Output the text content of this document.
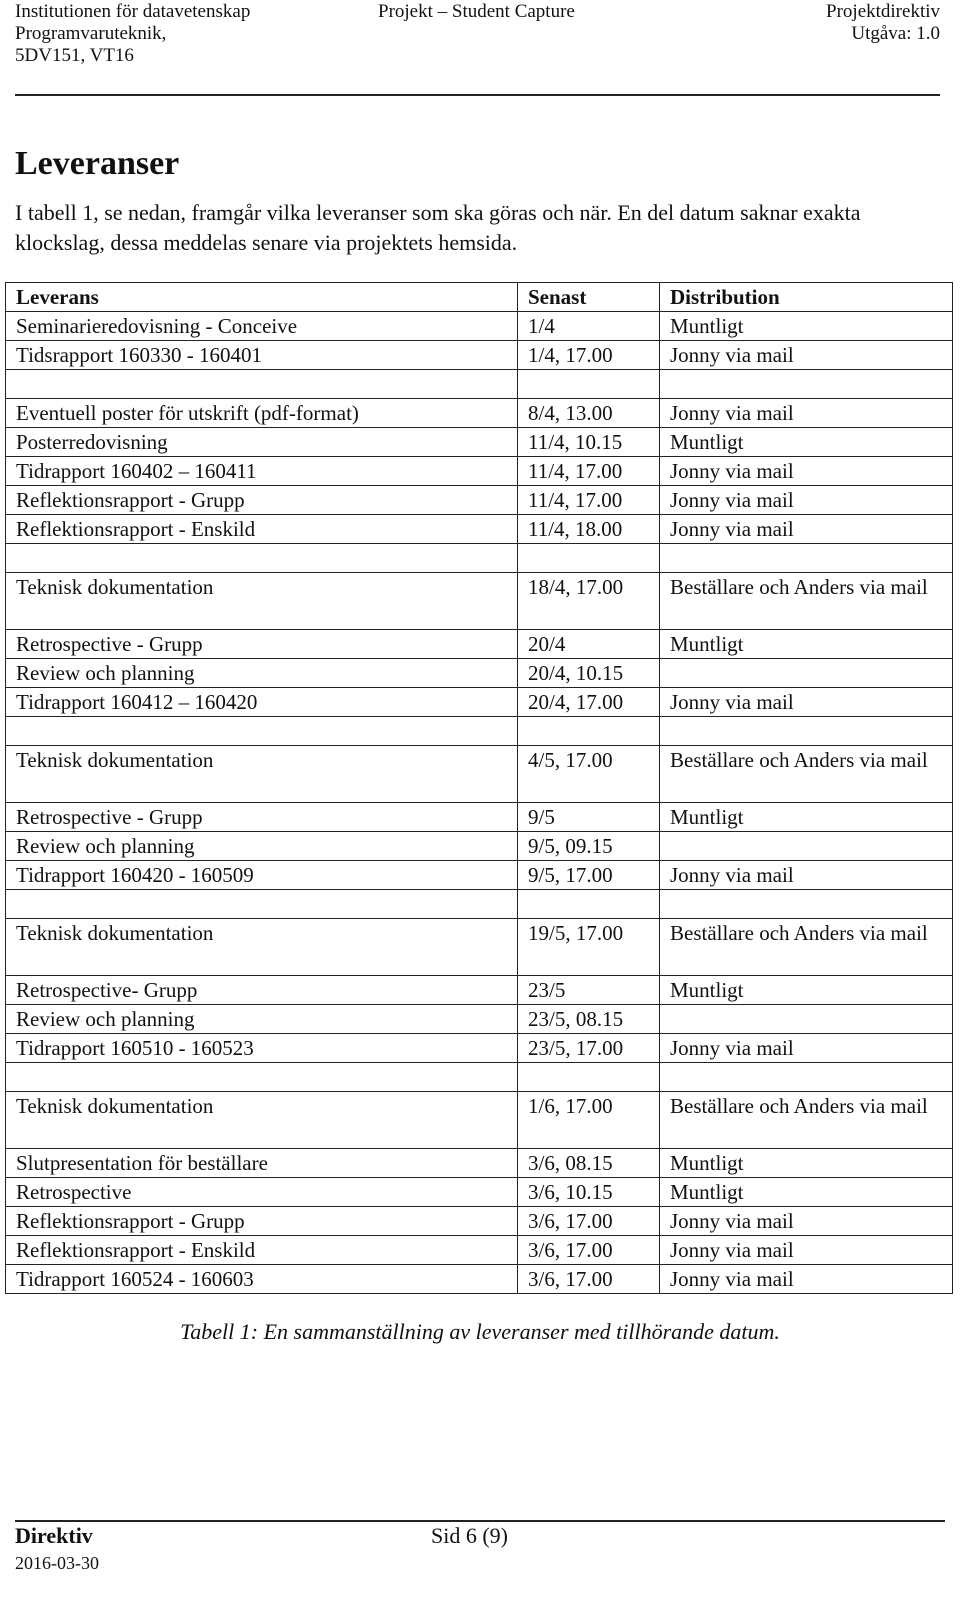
Institutionen för datavetenskap	Projekt – Student Capture	Projektdirektiv
Programvaruteknik,	Utgåva: 1.0
5DV151, VT16
Leveranser

I tabell 1, se nedan, framgår vilka leveranser som ska göras och när. En del datum saknar exakta klockslag, dessa meddelas senare via projektets hemsida.

Leverans	Senast	Distribution
Seminarieredovisning - Conceive	1/4	Muntligt
Tidsrapport 160330 - 160401	1/4, 17.00	Jonny via mail

Eventuell poster för utskrift (pdf-format)	8/4, 13.00	Jonny via mail
Posterredovisning	11/4, 10.15	Muntligt
Tidrapport 160402 – 160411	11/4, 17.00	Jonny via mail
Reflektionsrapport - Grupp	11/4, 17.00	Jonny via mail
Reflektionsrapport - Enskild	11/4, 18.00	Jonny via mail

Teknisk dokumentation	18/4, 17.00	Beställare och Anders via mail
Retrospective - Grupp	20/4	Muntligt
Review och planning	20/4, 10.15	
Tidrapport 160412 – 160420	20/4, 17.00	Jonny via mail

Teknisk dokumentation	4/5, 17.00	Beställare och Anders via mail
Retrospective - Grupp	9/5	Muntligt
Review och planning	9/5, 09.15	
Tidrapport 160420 - 160509	9/5, 17.00	Jonny via mail

Teknisk dokumentation	19/5, 17.00	Beställare och Anders via mail
Retrospective- Grupp	23/5	Muntligt
Review och planning	23/5, 08.15	
Tidrapport 160510 - 160523	23/5, 17.00	Jonny via mail

Teknisk dokumentation	1/6, 17.00	Beställare och Anders via mail
Slutpresentation för beställare	3/6, 08.15	Muntligt
Retrospective	3/6, 10.15	Muntligt
Reflektionsrapport - Grupp	3/6, 17.00	Jonny via mail
Reflektionsrapport - Enskild	3/6, 17.00	Jonny via mail
Tidrapport 160524 - 160603	3/6, 17.00	Jonny via mail
Tabell 1: En sammanställning av leveranser med tillhörande datum.
Direktiv	Sid 6 (9)
2016-03-30
